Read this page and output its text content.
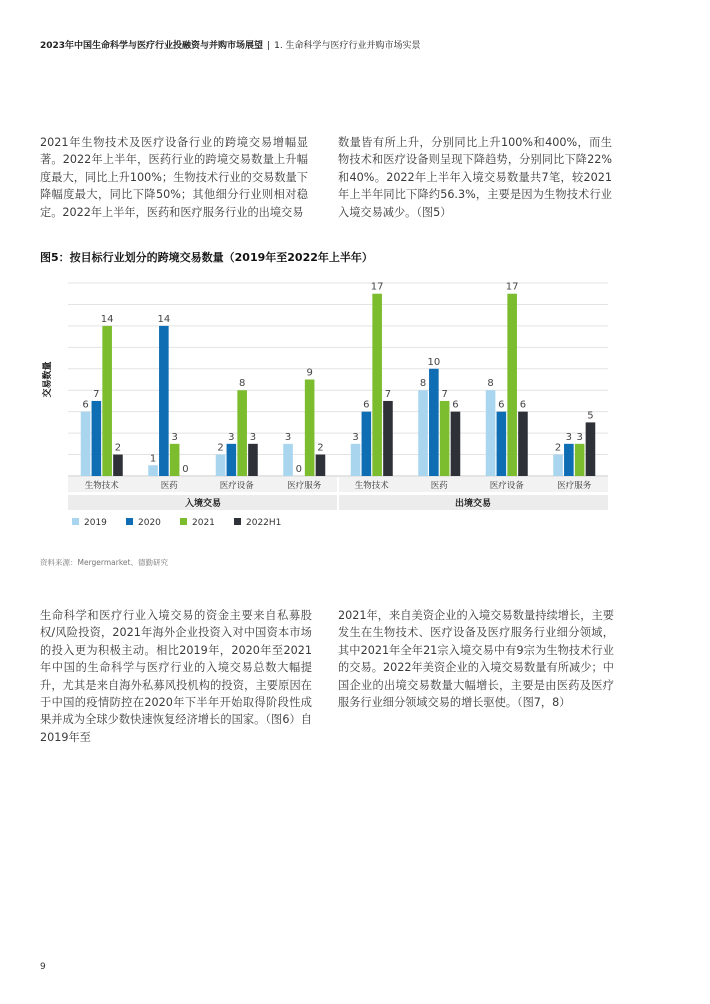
2023年中国生命科学与医疗行业投融资与并购市场展望 | 1. 生命科学与医疗行业并购市场实景
2021年生物技术及医疗设备行业的跨境交易增幅显著。2022年上半年，医药行业的跨境交易数量上升幅度最大，同比上升100%；生物技术行业的交易数量下降幅度最大，同比下降50%；其他细分行业则相对稳定。2022年上半年，医药和医疗服务行业的出境交易
数量皆有所上升，分别同比上升100%和400%，而生物技术和医疗设备则呈现下降趋势，分别同比下降22%和40%。2022年上半年入境交易数量共7笔，较2021年上半年同比下降约56.3%，主要是因为生物技术行业入境交易减少。（图5）
图5：按目标行业划分的跨境交易数量（2019年至2022年上半年）
交易数量
6
7
14
2
1
14
3
0
2
3
8
3	3
0
9
2
3
6
17
7
8
10
7
6
8
6
17
6
2
3 3
5
生物技术	医药	医疗设备	医疗服务	生物技术	医药	医疗设备	医疗服务
入境交易	出境交易
2019	2020	2021	2022H1
资料来源：Mergermarket、德勤研究
生命科学和医疗行业入境交易的资金主要来自私募股权/风险投资，2021年海外企业投资入对中国资本市场的投入更为积极主动。相比2019年，2020年至2021年中国的生命科学与医疗行业的入境交易总数大幅提升，尤其是来自海外私募风投机构的投资，主要原因在于中国的疫情防控在2020年下半年开始取得阶段性成果并成为全球少数快速恢复经济增长的国家。（图6）自2019年至
2021年，来自美资企业的入境交易数量持续增长，主要发生在生物技术、医疗设备及医疗服务行业细分领域，其中2021年全年21宗入境交易中有9宗为生物技术行业的交易。2022年美资企业的入境交易数量有所减少；中国企业的出境交易数量大幅增长，主要是由医药及医疗服务行业细分领域交易的增长驱使。（图7，8）
9
